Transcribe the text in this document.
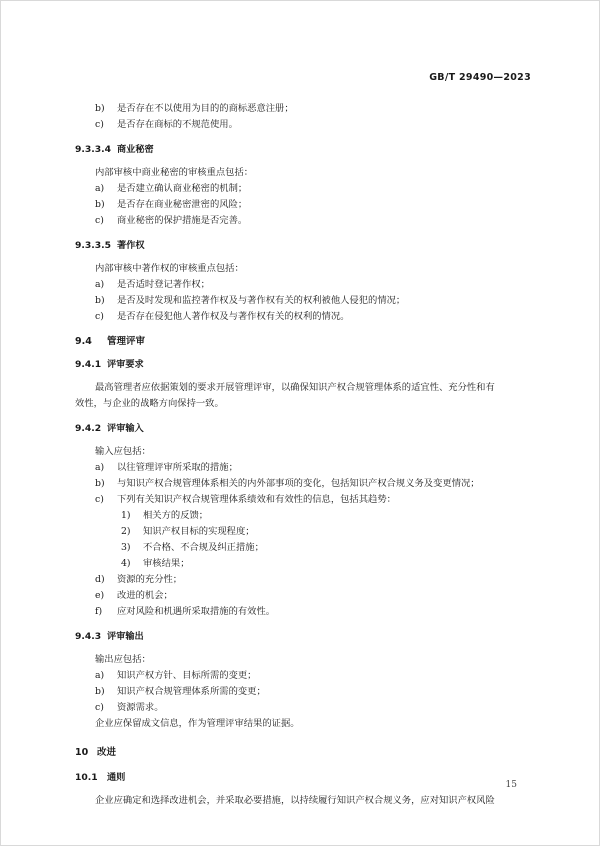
GB/T 29490—2023
b)	是否存在不以使用为目的的商标恶意注册；
c)	是否存在商标的不规范使用。
9.3.3.4 商业秘密
内部审核中商业秘密的审核重点包括：
a)	是否建立确认商业秘密的机制；
b)	是否存在商业秘密泄密的风险；
c)	商业秘密的保护措施是否完善。
9.3.3.5 著作权
内部审核中著作权的审核重点包括：
a)	是否适时登记著作权；
b)	是否及时发现和监控著作权及与著作权有关的权利被他人侵犯的情况；
c)	是否存在侵犯他人著作权及与著作权有关的权利的情况。
9.4 管理评审
9.4.1 评审要求
最高管理者应依据策划的要求开展管理评审，以确保知识产权合规管理体系的适宜性、充分性和有
效性，与企业的战略方向保持一致。
9.4.2 评审输入
输入应包括：
a)	以往管理评审所采取的措施；
b)	与知识产权合规管理体系相关的内外部事项的变化，包括知识产权合规义务及变更情况；
c)	下列有关知识产权合规管理体系绩效和有效性的信息，包括其趋势：
1)	相关方的反馈；
2)	知识产权目标的实现程度；
3)	不合格、不合规及纠正措施；
4)	审核结果；
d)	资源的充分性；
e)	改进的机会；
f)	应对风险和机遇所采取措施的有效性。
9.4.3 评审输出
输出应包括：
a)	知识产权方针、目标所需的变更；
b)	知识产权合规管理体系所需的变更；
c)	资源需求。
企业应保留成文信息，作为管理评审结果的证据。
10 改进
10.1 通则
企业应确定和选择改进机会，并采取必要措施，以持续履行知识产权合规义务，应对知识产权风险
15
